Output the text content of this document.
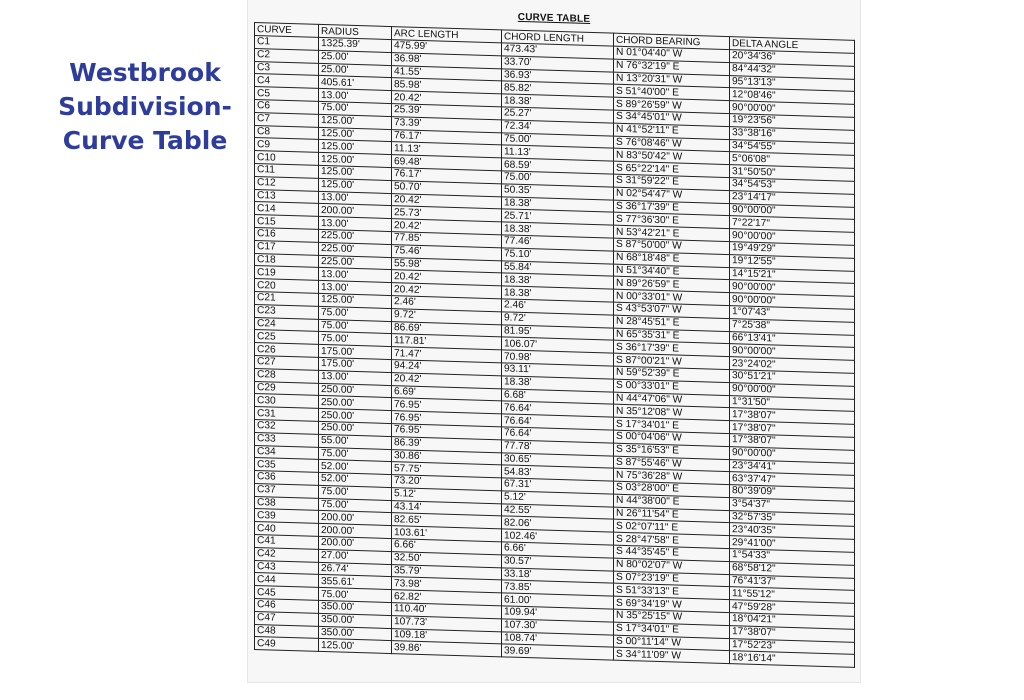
Westbrook
Subdivision-
Curve Table
CURVE TABLE
CURVE	RADIUS	ARC LENGTH	CHORD LENGTH	CHORD BEARING	DELTA ANGLE
C1	1325.39'	475.99'	473.43'	N 01°04'40" W	20°34'36"
C2	25.00'	36.98'	33.70'	N 76°32'19" E	84°44'32"
C3	25.00'	41.55'	36.93'	N 13°20'31" W	95°13'13"
C4	405.61'	85.98'	85.82'	S 51°40'00" E	12°08'46"
C5	13.00'	20.42'	18.38'	S 89°26'59" W	90°00'00"
C6	75.00'	25.39'	25.27'	S 34°45'01" W	19°23'56"
C7	125.00'	73.39'	72.34'	N 41°52'11" E	33°38'16"
C8	125.00'	76.17'	75.00'	S 76°08'46" W	34°54'55"
C9	125.00'	11.13'	11.13'	N 83°50'42" W	5°06'08"
C10	125.00'	69.48'	68.59'	S 65°22'14" E	31°50'50"
C11	125.00'	76.17'	75.00'	S 31°59'22" E	34°54'53"
C12	125.00'	50.70'	50.35'	N 02°54'47" W	23°14'17"
C13	13.00'	20.42'	18.38'	S 36°17'39" E	90°00'00"
C14	200.00'	25.73'	25.71'	S 77°36'30" E	7°22'17"
C15	13.00'	20.42'	18.38'	N 53°42'21" E	90°00'00"
C16	225.00'	77.85'	77.46'	S 87°50'00" W	19°49'29"
C17	225.00'	75.46'	75.10'	N 68°18'48" E	19°12'55"
C18	225.00'	55.98'	55.84'	N 51°34'40" E	14°15'21"
C19	13.00'	20.42'	18.38'	N 89°26'59" E	90°00'00"
C20	13.00'	20.42'	18.38'	N 00°33'01" W	90°00'00"
C21	125.00'	2.46'	2.46'	S 43°53'07" W	1°07'43"
C23	75.00'	9.72'	9.72'	N 28°45'51" E	7°25'38"
C24	75.00'	86.69'	81.95'	N 65°35'31" E	66°13'41"
C25	75.00'	117.81'	106.07'	S 36°17'39" E	90°00'00"
C26	175.00'	71.47'	70.98'	S 87°00'21" W	23°24'02"
C27	175.00'	94.24'	93.11'	N 59°52'39" E	30°51'21"
C28	13.00'	20.42'	18.38'	S 00°33'01" E	90°00'00"
C29	250.00'	6.69'	6.68'	N 44°47'06" W	1°31'50"
C30	250.00'	76.95'	76.64'	N 35°12'08" W	17°38'07"
C31	250.00'	76.95'	76.64'	S 17°34'01" E	17°38'07"
C32	250.00'	76.95'	76.64'	S 00°04'06" W	17°38'07"
C33	55.00'	86.39'	77.78'	S 35°16'53" E	90°00'00"
C34	75.00'	30.86'	30.65'	S 87°55'46" W	23°34'41"
C35	52.00'	57.75'	54.83'	N 75°36'28" W	63°37'47"
C36	52.00'	73.20'	67.31'	S 03°28'00" E	80°39'09"
C37	75.00'	5.12'	5.12'	N 44°38'00" E	3°54'37"
C38	75.00'	43.14'	42.55'	N 26°11'54" E	32°57'35"
C39	200.00'	82.65'	82.06'	S 02°07'11" E	23°40'35"
C40	200.00'	103.61'	102.46'	S 28°47'58" E	29°41'00"
C41	200.00'	6.66'	6.66'	S 44°35'45" E	1°54'33"
C42	27.00'	32.50'	30.57'	N 80°02'07" W	68°58'12"
C43	26.74'	35.79'	33.18'	S 07°23'19" E	76°41'37"
C44	355.61'	73.98'	73.85'	S 51°33'13" E	11°55'12"
C45	75.00'	62.82'	61.00'	S 69°34'19" W	47°59'28"
C46	350.00'	110.40'	109.94'	N 35°25'15" W	18°04'21"
C47	350.00'	107.73'	107.30'	S 17°34'01" E	17°38'07"
C48	350.00'	109.18'	108.74'	S 00°11'14" W	17°52'23"
C49	125.00'	39.86'	39.69'	S 34°11'09" W	18°16'14"
